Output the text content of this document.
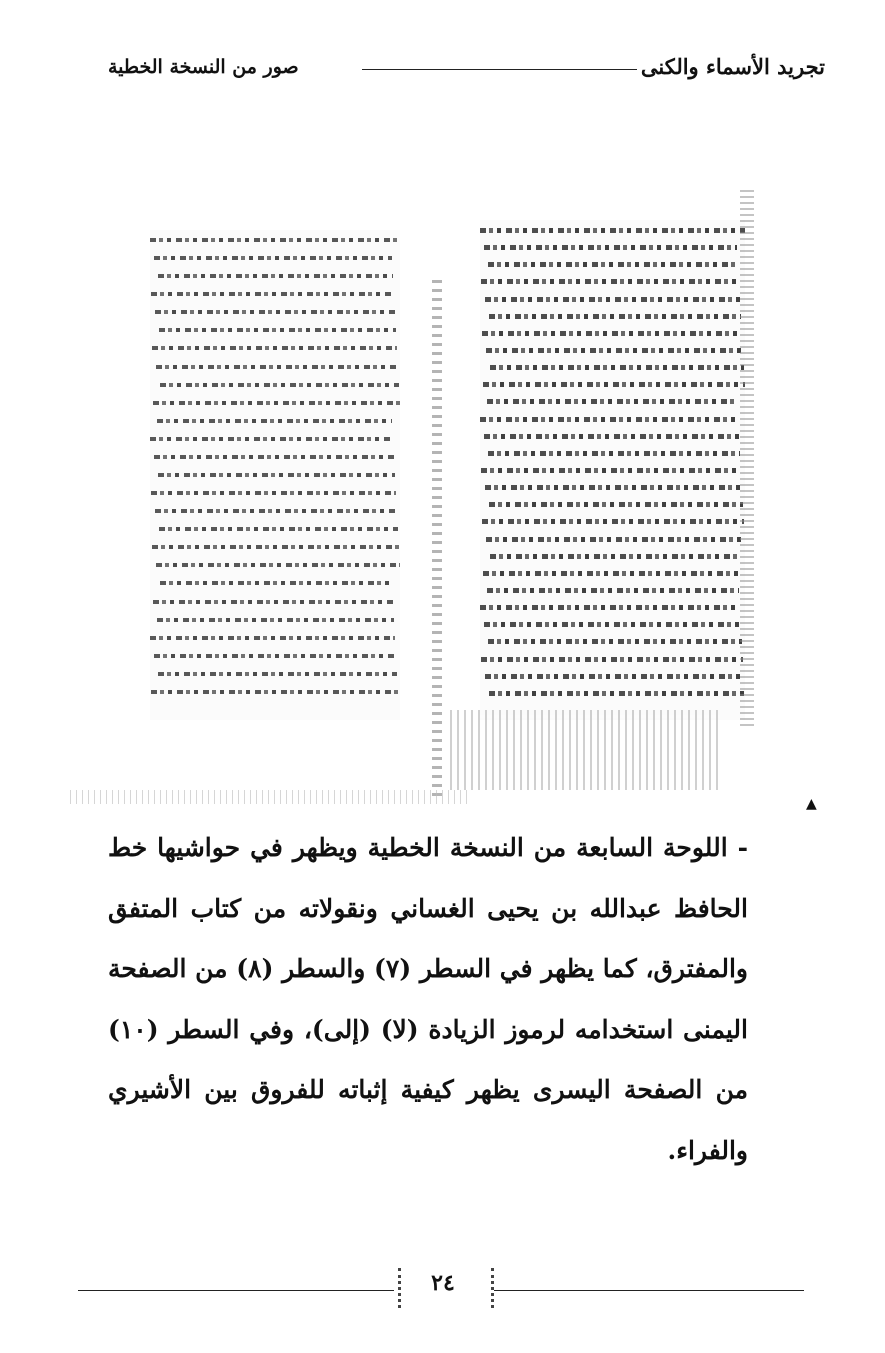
تجريد الأسماء والكنى
صور من النسخة الخطية
▲
- اللوحة السابعة من النسخة الخطية ويظهر في حواشيها خط الحافظ عبدالله بن يحيى الغساني ونقولاته من كتاب المتفق والمفترق، كما يظهر في السطر (٧) والسطر (٨) من الصفحة اليمنى استخدامه لرموز الزيادة (لا) (إلى)، وفي السطر (١٠) من الصفحة اليسرى يظهر كيفية إثباته للفروق بين الأشيري والفراء.
٢٤
